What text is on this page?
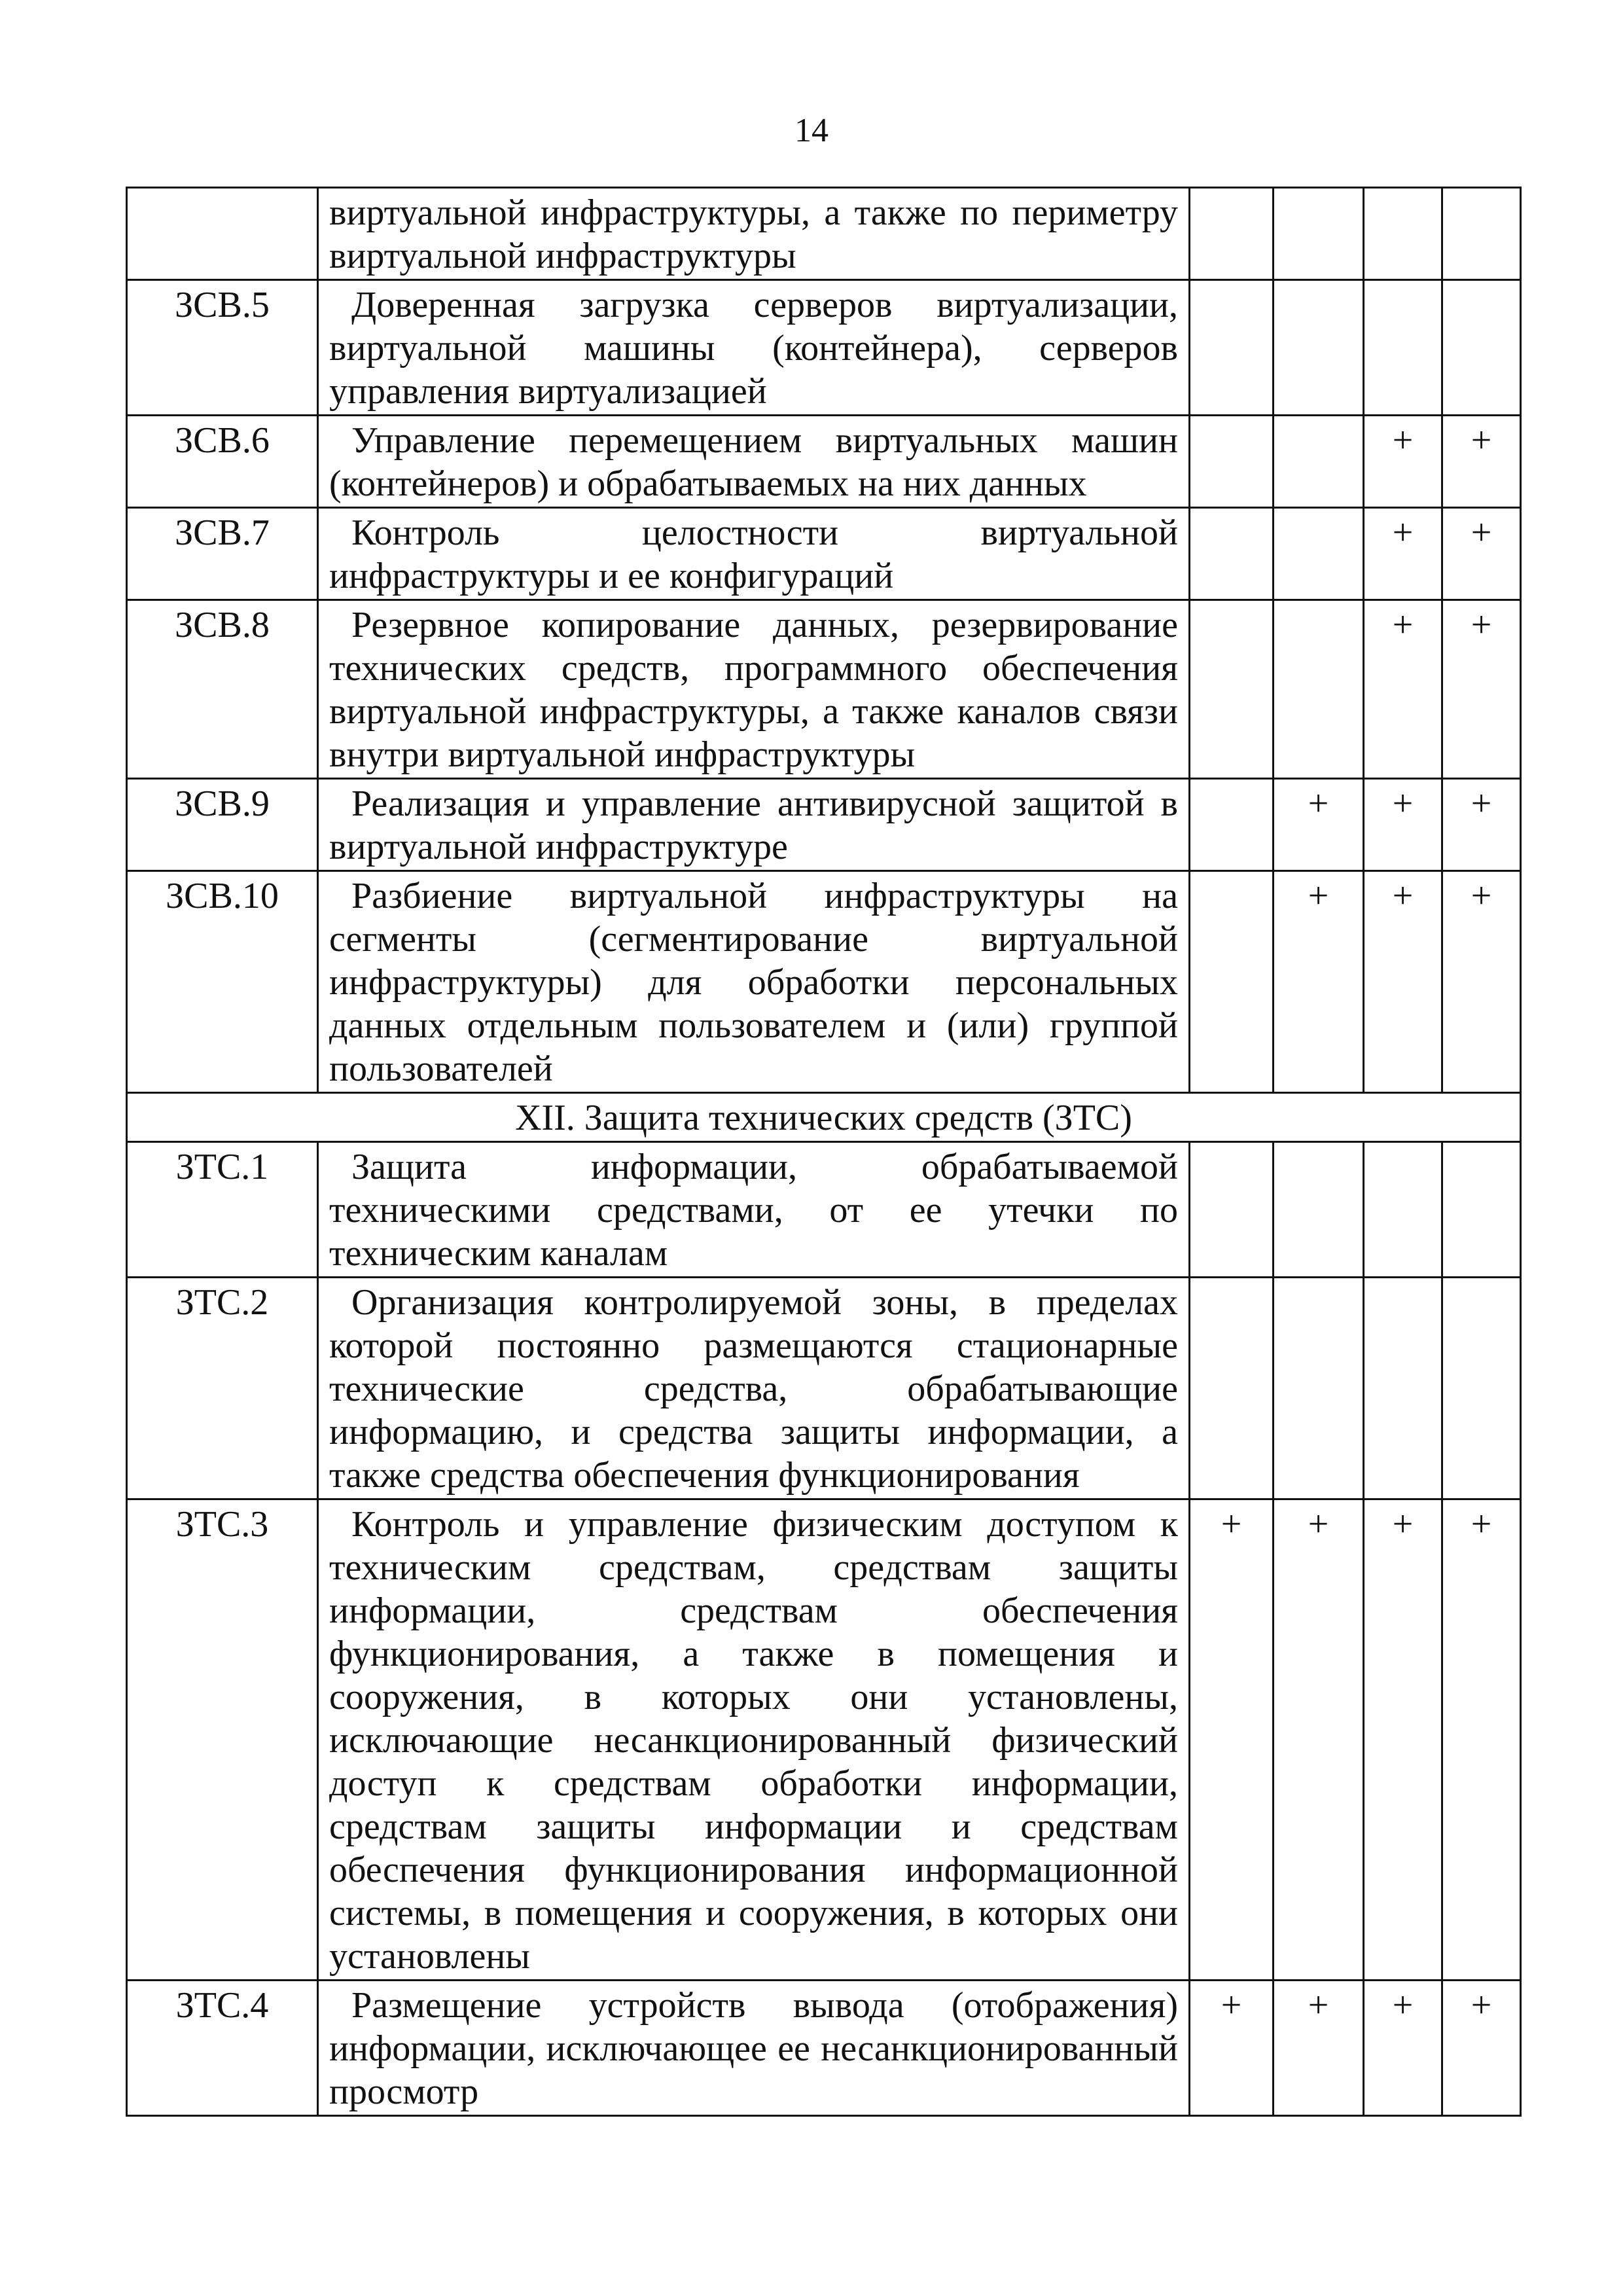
14
	виртуальной инфраструктуры, а также по периметру виртуальной инфраструктуры				
ЗСВ.5	Доверенная загрузка серверов виртуализации, виртуальной машины (контейнера), серверов управления виртуализацией				
ЗСВ.6	Управление перемещением виртуальных машин (контейнеров) и обрабатываемых на них данных			+	+
ЗСВ.7	Контроль целостности виртуальной инфраструктуры и ее конфигураций			+	+
ЗСВ.8	Резервное копирование данных, резервирование технических средств, программного обеспечения виртуальной инфраструктуры, а также каналов связи внутри виртуальной инфраструктуры			+	+
ЗСВ.9	Реализация и управление антивирусной защитой в виртуальной инфраструктуре		+	+	+
ЗСВ.10	Разбиение виртуальной инфраструктуры на сегменты (сегментирование виртуальной инфраструктуры) для обработки персональных данных отдельным пользователем и (или) группой пользователей		+	+	+
XII. Защита технических средств (ЗТС)					
ЗТС.1	Защита информации, обрабатываемой техническими средствами, от ее утечки по техническим каналам				
ЗТС.2	Организация контролируемой зоны, в пределах которой постоянно размещаются стационарные технические средства, обрабатывающие информацию, и средства защиты информации, а также средства обеспечения функционирования				
ЗТС.3	Контроль и управление физическим доступом к техническим средствам, средствам защиты информации, средствам обеспечения функционирования, а также в помещения и сооружения, в которых они установлены, исключающие несанкционированный физический доступ к средствам обработки информации, средствам защиты информации и средствам обеспечения функционирования информационной системы, в помещения и сооружения, в которых они установлены	+	+	+	+
ЗТС.4	Размещение устройств вывода (отображения) информации, исключающее ее несанкционированный просмотр	+	+	+	+
